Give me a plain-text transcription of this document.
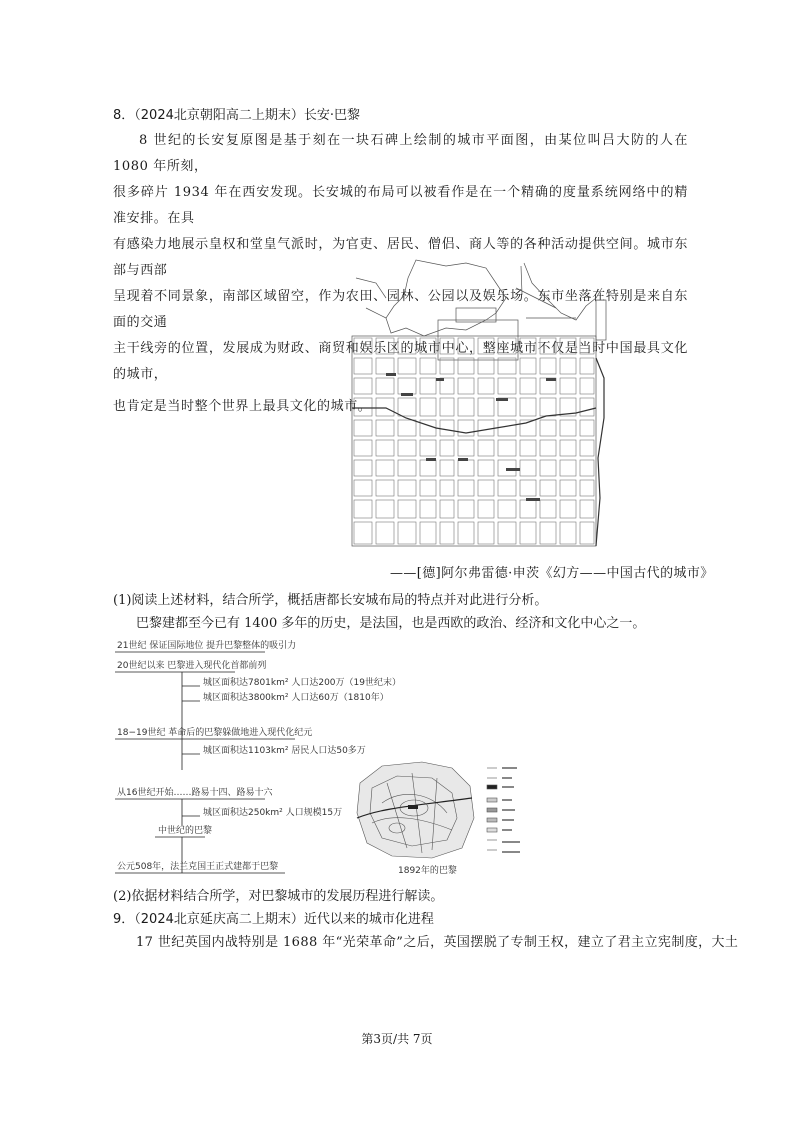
8．（2024北京朝阳高二上期末）长安·巴黎
8 世纪的长安复原图是基于刻在一块石碑上绘制的城市平面图，由某位叫吕大防的人在 1080 年所刻，
很多碎片 1934 年在西安发现。长安城的布局可以被看作是在一个精确的度量系统网络中的精准安排。在具
有感染力地展示皇权和堂皇气派时，为官吏、居民、僧侣、商人等的各种活动提供空间。城市东部与西部
呈现着不同景象，南部区域留空，作为农田、园林、公园以及娱乐场。东市坐落在特别是来自东面的交通
主干线旁的位置，发展成为财政、商贸和娱乐区的城市中心，整座城市不仅是当时中国最具文化的城市，
也肯定是当时整个世界上最具文化的城市。
——[德]阿尔弗雷德·申茨《幻方——中国古代的城市》
(1)阅读上述材料，结合所学，概括唐都长安城布局的特点并对此进行分析。
巴黎建都至今已有 1400 多年的历史，是法国，也是西欧的政治、经济和文化中心之一。
21世纪 保证国际地位 提升巴黎整体的吸引力
20世纪以来 巴黎进入现代化首都前列
城区面积达7801km² 人口达200万（19世纪末）
城区面积达3800km² 人口达60万（1810年）
18−19世纪 革命后的巴黎躲做地进入现代化纪元
城区面积达1103km² 居民人口达50多万
从16世纪开始……路易十四、路易十六
城区面积达250km² 人口规模15万
中世纪的巴黎
公元508年，法兰克国王正式建都于巴黎	1892年的巴黎
(2)依据材料结合所学，对巴黎城市的发展历程进行解读。
9．（2024北京延庆高二上期末）近代以来的城市化进程
17 世纪英国内战特别是 1688 年“光荣革命”之后，英国摆脱了专制王权，建立了君主立宪制度，大土
第3页/共 7页
